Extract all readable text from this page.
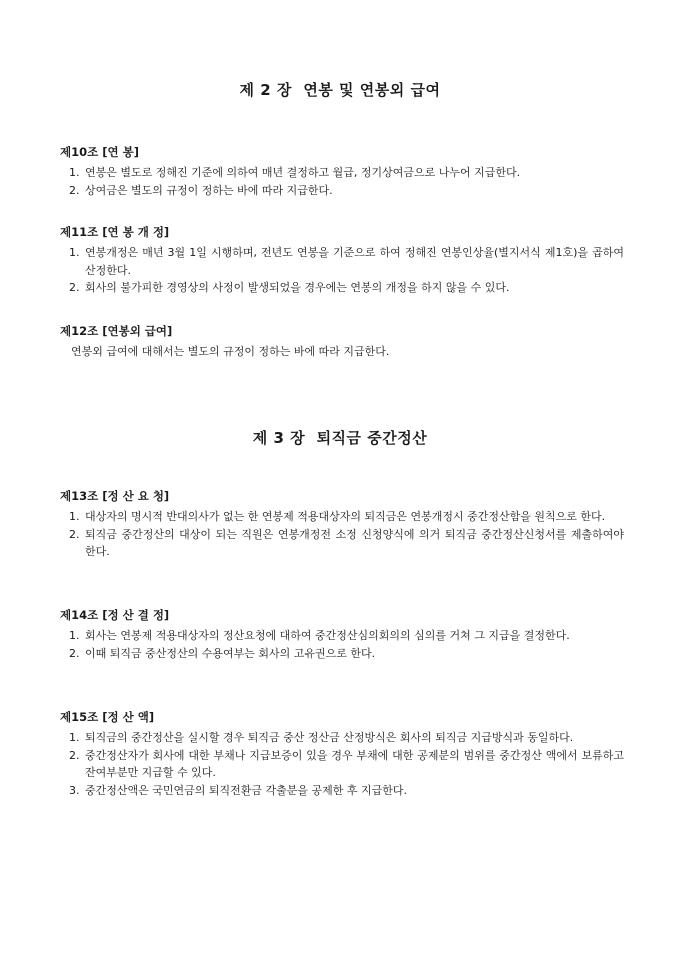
제 2 장  연봉 및 연봉외 급여
제10조 [연 봉]
1. 연봉은 별도로 정해진 기준에 의하여 매년 결정하고 월급, 정기상여금으로 나누어 지급한다.
2. 상여금은 별도의 규정이 정하는 바에 따라 지급한다.
제11조 [연 봉 개 정]
1. 연봉개정은 매년 3월 1일 시행하며, 전년도 연봉을 기준으로 하여 정해진 연봉인상율(별지서식 제1호)을 곱하여 산정한다.
2. 회사의 불가피한 경영상의 사정이 발생되었을 경우에는 연봉의 개정을 하지 않을 수 있다.
제12조 [연봉외 급여]
연봉외 급여에 대해서는 별도의 규정이 정하는 바에 따라 지급한다.
제 3 장  퇴직금 중간정산
제13조 [정 산 요 청]
1. 대상자의 명시적 반대의사가 없는 한 연봉제 적용대상자의 퇴직금은 연봉개정시 중간정산함을 원칙으로 한다.
2. 퇴직금 중간정산의 대상이 되는 직원은 연봉개정전 소정 신청양식에 의거 퇴직금 중간정산신청서를 제출하여야 한다.
제14조 [정 산 결 정]
1. 회사는 연봉제 적용대상자의 정산요청에 대하여 중간정산심의회의의 심의를 거쳐 그 지급을 결정한다.
2. 이때 퇴직금 중산정산의 수용여부는 회사의 고유권으로 한다.
제15조 [정 산 액]
1. 퇴직금의 중간정산을 실시할 경우 퇴직금 중산 정산금 산정방식은 회사의 퇴직금 지급방식과 동일하다.
2. 중간정산자가 회사에 대한 부채나 지급보증이 있을 경우 부채에 대한 공제분의 범위를 중간정산 액에서 보류하고 잔여부분만 지급할 수 있다.
3. 중간정산액은 국민연금의 퇴직전환금 각출분을 공제한 후 지급한다.
